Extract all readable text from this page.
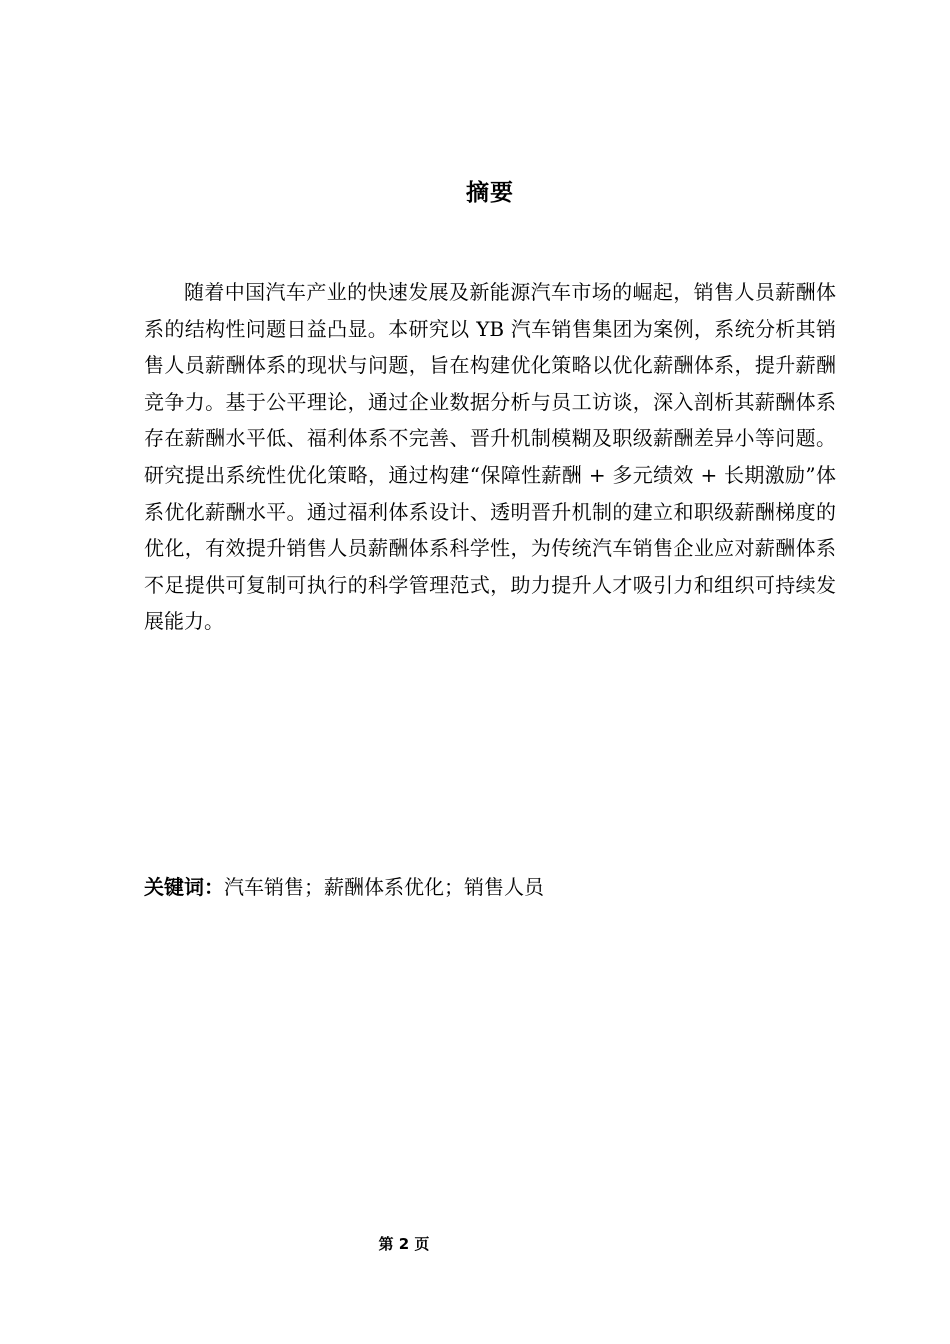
摘要

随着中国汽车产业的快速发展及新能源汽车市场的崛起，销售人员薪酬体系的结构性问题日益凸显。本研究以 YB 汽车销售集团为案例，系统分析其销售人员薪酬体系的现状与问题，旨在构建优化策略以优化薪酬体系，提升薪酬竞争力。基于公平理论，通过企业数据分析与员工访谈，深入剖析其薪酬体系存在薪酬水平低、福利体系不完善、晋升机制模糊及职级薪酬差异小等问题。研究提出系统性优化策略，通过构建“保障性薪酬 + 多元绩效 + 长期激励”体系优化薪酬水平。通过福利体系设计、透明晋升机制的建立和职级薪酬梯度的优化，有效提升销售人员薪酬体系科学性，为传统汽车销售企业应对薪酬体系不足提供可复制可执行的科学管理范式，助力提升人才吸引力和组织可持续发展能力。

关键词：汽车销售；薪酬体系优化；销售人员
第 2 页
